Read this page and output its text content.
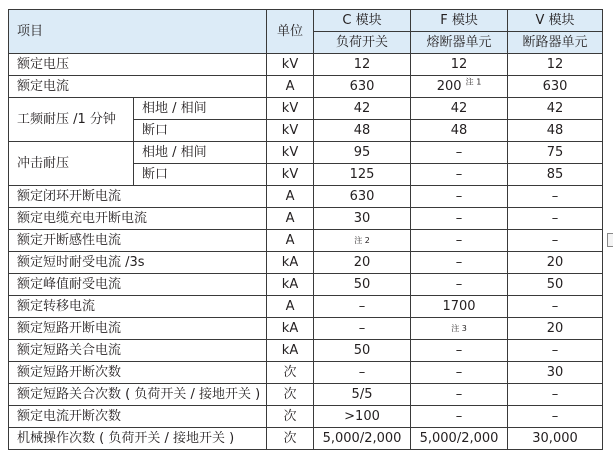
项目		单位	C 模块	F 模块	V 模块
			负荷开关	熔断器单元	断路器单元
额定电压		kV	12	12	12
额定电流		A	630	200 $^{注 1}$	630
工频耐压 /1 分钟	相地 / 相间	kV	42	42	42
	断口	kV	48	48	48
冲击耐压	相地 / 相间	kV	95	–	75
	断口	kV	125	–	85
额定闭环开断电流		A	630	–	–
额定电缆充电开断电流		A	30	–	–
额定开断感性电流		A	注 2	–	–
额定短时耐受电流 /3s		kA	20	–	20
额定峰值耐受电流		kA	50	–	50
额定转移电流		A	–	1700	–
额定短路开断电流		kA	–	注 3	20
额定短路关合电流		kA	50	–	–
额定短路开断次数		次	–	–	30
额定短路关合次数 ( 负荷开关 / 接地开关 )		次	5/5	–	–
额定电流开断次数		次	>100	–	–
机械操作次数 ( 负荷开关 / 接地开关 )		次	5,000/2,000	5,000/2,000	30,000
